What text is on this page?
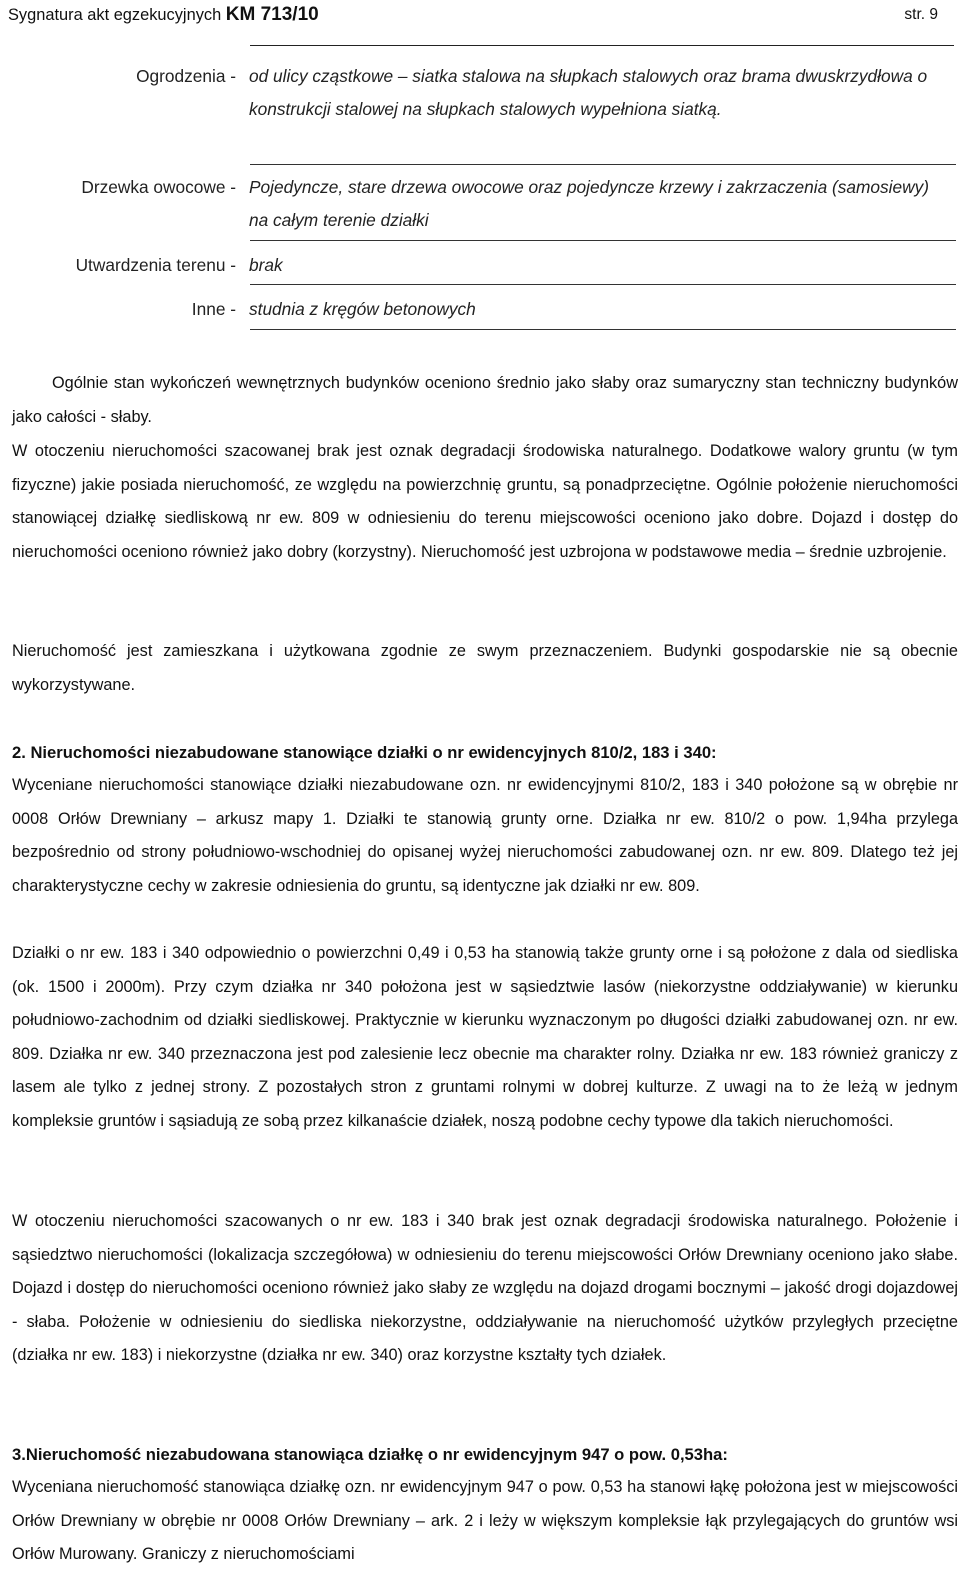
Sygnatura akt egzekucyjnych KM 713/10	str. 9
Ogrodzenia - od ulicy cząstkowe – siatka stalowa na słupkach stalowych oraz brama dwuskrzydłowa o konstrukcji stalowej na słupkach stalowych wypełniona siatką.
Drzewka owocowe - Pojedyncze, stare drzewa owocowe oraz pojedyncze krzewy i zakrzaczenia (samosiewy) na całym terenie działki
Utwardzenia terenu - brak
Inne - studnia z kręgów betonowych
Ogólnie stan wykończeń wewnętrznych budynków oceniono średnio jako słaby oraz sumaryczny stan techniczny budynków jako całości - słaby.
W otoczeniu nieruchomości szacowanej brak jest oznak degradacji środowiska naturalnego. Dodatkowe walory gruntu (w tym fizyczne) jakie posiada nieruchomość, ze względu na powierzchnię gruntu, są ponadprzeciętne. Ogólnie położenie nieruchomości stanowiącej działkę siedliskową nr ew. 809 w odniesieniu do terenu miejscowości oceniono jako dobre. Dojazd i dostęp do nieruchomości oceniono również jako dobry (korzystny). Nieruchomość jest uzbrojona w podstawowe media – średnie uzbrojenie.
Nieruchomość jest zamieszkana i użytkowana zgodnie ze swym przeznaczeniem. Budynki gospodarskie nie są obecnie wykorzystywane.
2. Nieruchomości niezabudowane stanowiące działki o nr ewidencyjnych 810/2, 183 i 340:
Wyceniane nieruchomości stanowiące działki niezabudowane ozn. nr ewidencyjnymi 810/2, 183 i 340 położone są w obrębie nr 0008 Orłów Drewniany – arkusz mapy 1. Działki te stanowią grunty orne. Działka nr ew. 810/2 o pow. 1,94ha przylega bezpośrednio od strony południowo-wschodniej do opisanej wyżej nieruchomości zabudowanej ozn. nr ew. 809. Dlatego też jej charakterystyczne cechy w zakresie odniesienia do gruntu, są identyczne jak działki nr ew. 809.
Działki o nr ew. 183 i 340 odpowiednio o powierzchni 0,49 i 0,53 ha stanowią także grunty orne i są położone z dala od siedliska (ok. 1500 i 2000m). Przy czym działka nr 340 położona jest w sąsiedztwie lasów (niekorzystne oddziaływanie) w kierunku południowo-zachodnim od działki siedliskowej. Praktycznie w kierunku wyznaczonym po długości działki zabudowanej ozn. nr ew. 809. Działka nr ew. 340 przeznaczona jest pod zalesienie lecz obecnie ma charakter rolny. Działka nr ew. 183 również graniczy z lasem ale tylko z jednej strony. Z pozostałych stron z gruntami rolnymi w dobrej kulturze. Z uwagi na to że leżą w jednym kompleksie gruntów i sąsiadują ze sobą przez kilkanaście działek, noszą podobne cechy typowe dla takich nieruchomości.
W otoczeniu nieruchomości szacowanych o nr ew. 183 i 340 brak jest oznak degradacji środowiska naturalnego. Położenie i sąsiedztwo nieruchomości (lokalizacja szczegółowa) w odniesieniu do terenu miejscowości Orłów Drewniany oceniono jako słabe. Dojazd i dostęp do nieruchomości oceniono również jako słaby ze względu na dojazd drogami bocznymi – jakość drogi dojazdowej - słaba. Położenie w odniesieniu do siedliska niekorzystne, oddziaływanie na nieruchomość użytków przyległych przeciętne (działka nr ew. 183) i niekorzystne (działka nr ew. 340) oraz korzystne kształty tych działek.
3.Nieruchomość niezabudowana stanowiąca działkę o nr ewidencyjnym 947 o pow. 0,53ha:
Wyceniana nieruchomość stanowiąca działkę ozn. nr ewidencyjnym 947 o pow. 0,53 ha stanowi łąkę położona jest w miejscowości Orłów Drewniany w obrębie nr 0008 Orłów Drewniany – ark. 2 i leży w większym kompleksie łąk przylegających do gruntów wsi Orłów Murowany. Graniczy z nieruchomościami
